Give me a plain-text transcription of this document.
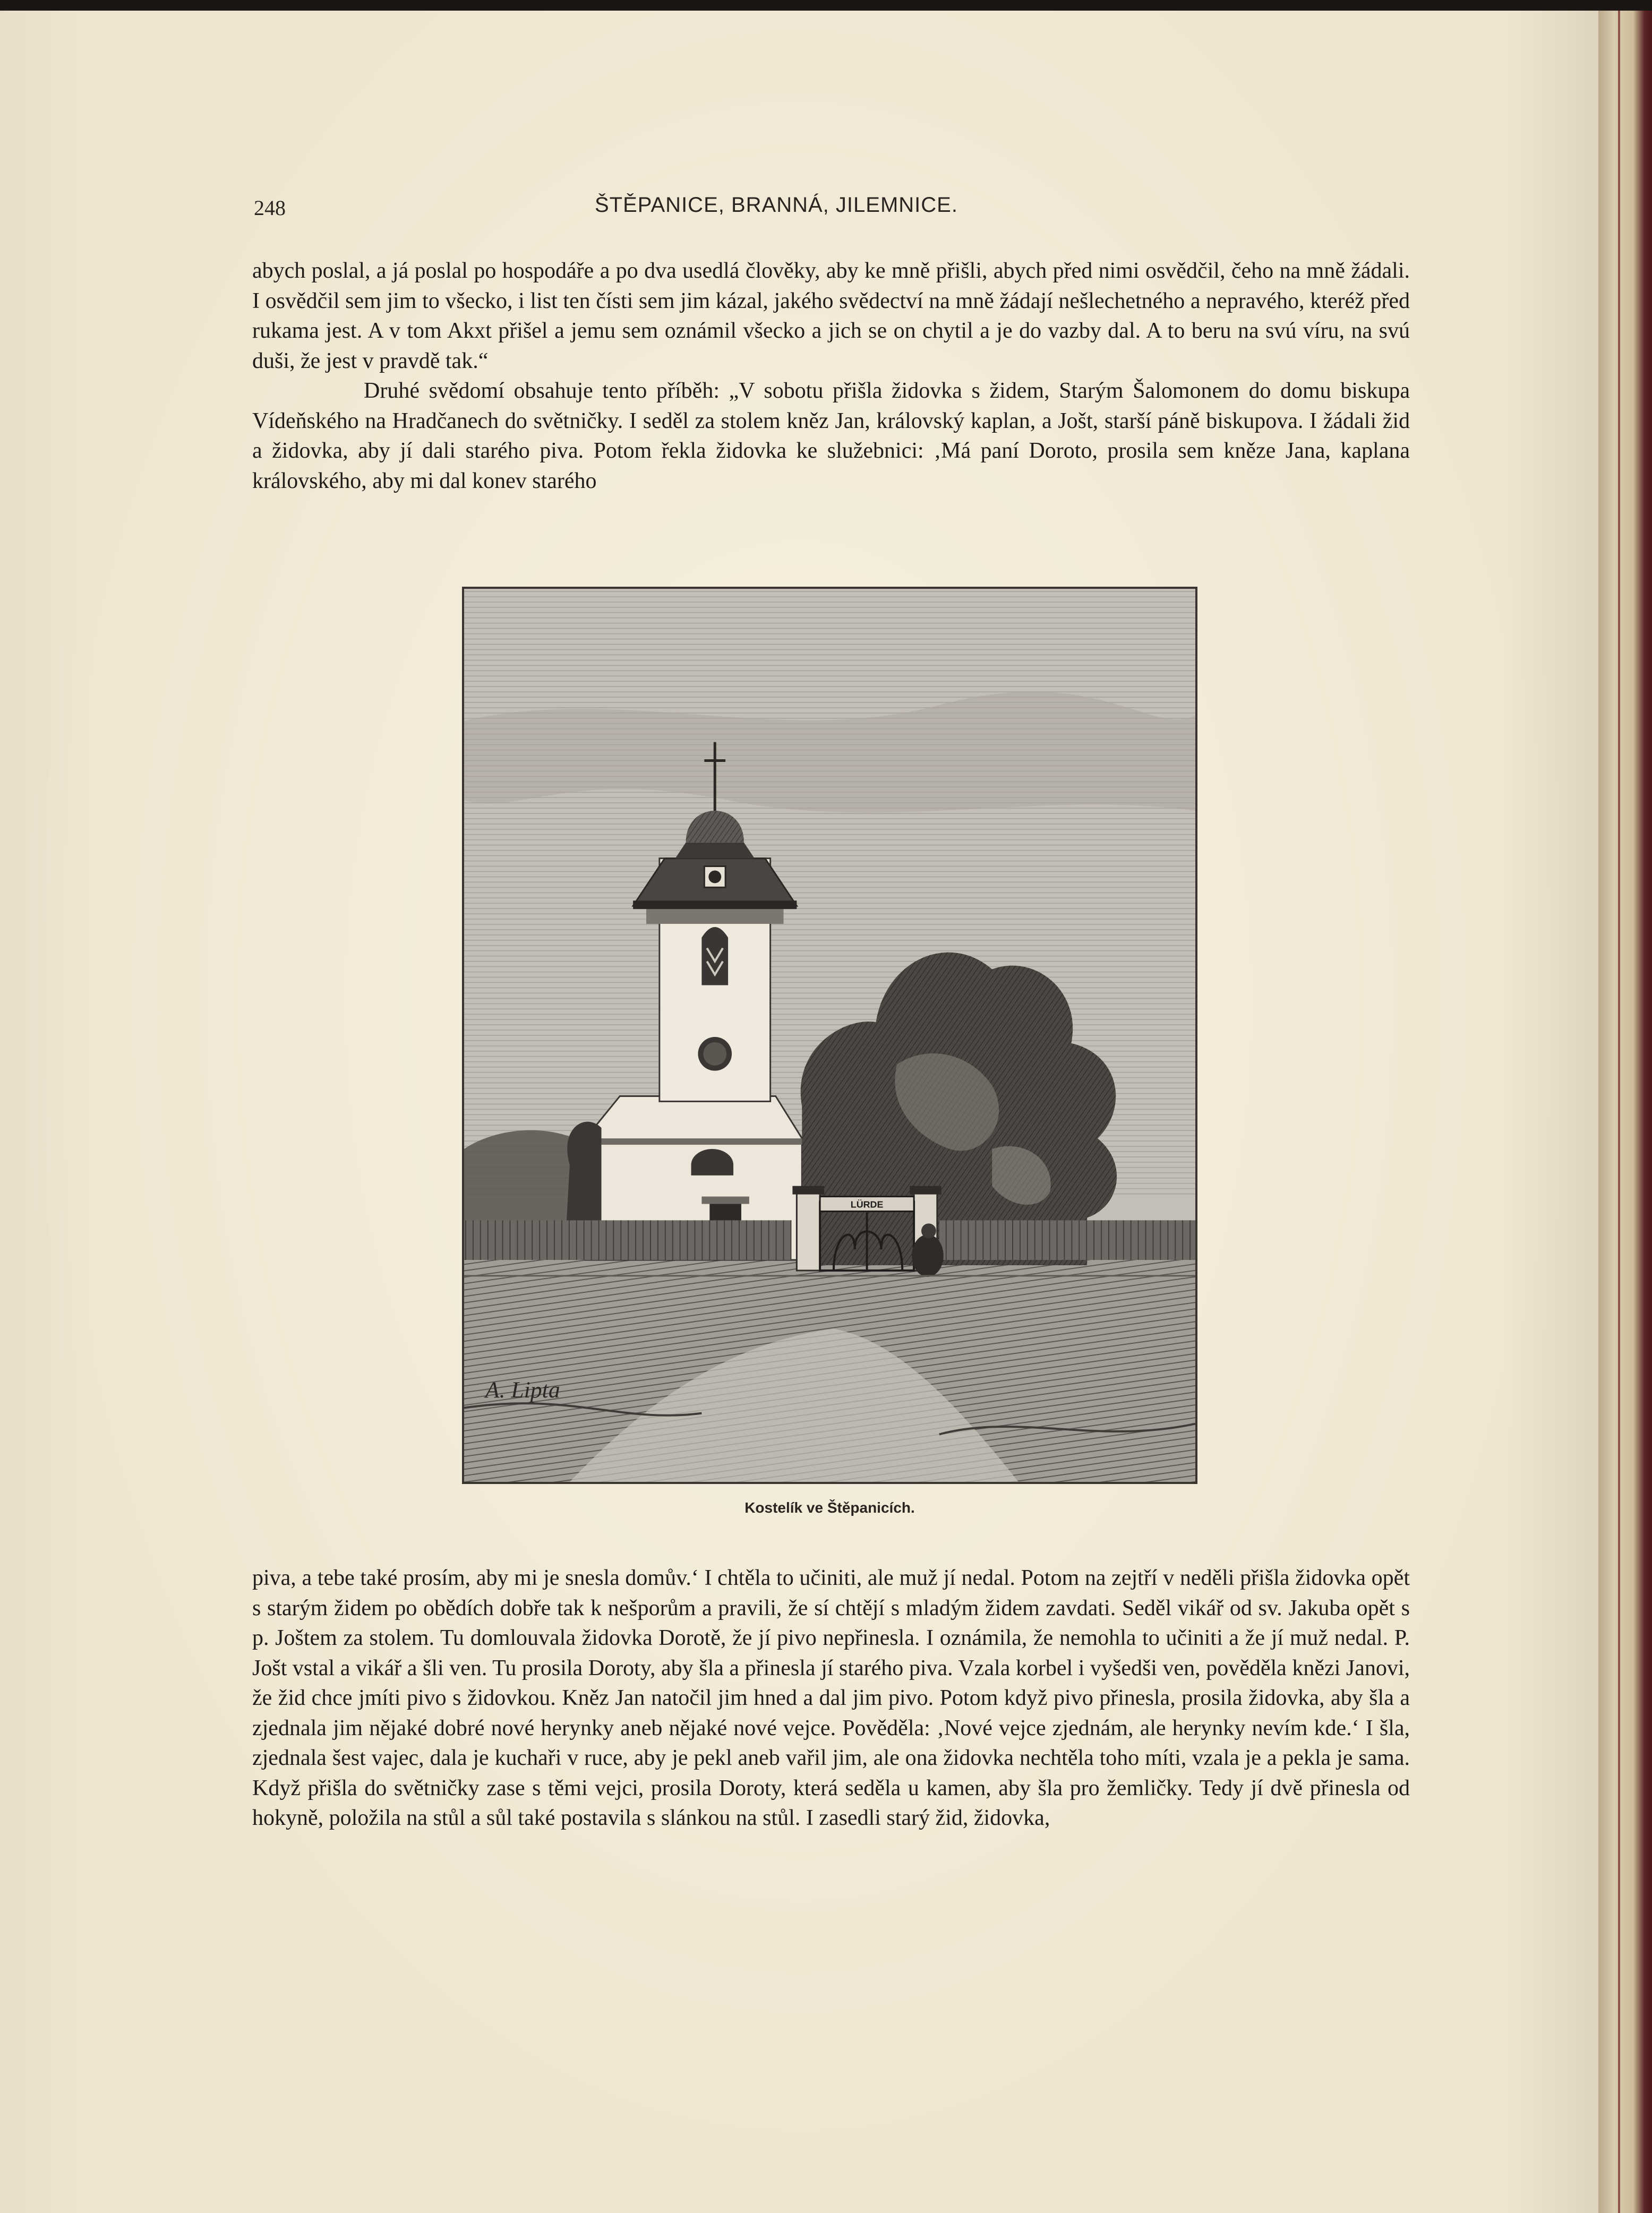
248	ŠTĚPANICE, BRANNÁ, JILEMNICE.

abych poslal, a já poslal po hospodáře a po dva usedlá člověky, aby ke mně přišli, abych před nimi osvědčil, čeho na mně žádali. I osvědčil sem jim to všecko, i list ten čísti sem jim kázal, jakého svědectví na mně žádají nešlechetného a nepravého, kteréž před rukama jest. A v tom Akxt přišel a jemu sem oznámil všecko a jich se on chytil a je do vazby dal. A to beru na svú víru, na svú duši, že jest v pravdě tak.“

Druhé svědomí obsahuje tento příběh: „V sobotu přišla židovka s židem, Starým Šalomonem do domu biskupa Vídeňského na Hradčanech do světničky. I seděl za stolem kněz Jan, královský kaplan, a Jošt, starší páně biskupova. I žádali žid a židovka, aby jí dali starého piva. Potom řekla židovka ke služebnici: ‚Má paní Doroto, prosila sem kněze Jana, kaplana královského, aby mi dal konev starého

LÜRDE
A. Lipta
Kostelík ve Štěpanicích.

piva, a tebe také prosím, aby mi je snesla domův.‘ I chtěla to učiniti, ale muž jí nedal. Potom na zejtří v neděli přišla židovka opět s starým židem po obědích dobře tak k nešporům a pravili, že sí chtějí s mladým židem zavdati. Seděl vikář od sv. Jakuba opět s p. Joštem za stolem. Tu domlouvala židovka Dorotě, že jí pivo nepřinesla. I oznámila, že nemohla to učiniti a že jí muž nedal. P. Jošt vstal a vikář a šli ven. Tu prosila Doroty, aby šla a přinesla jí starého piva. Vzala korbel i vyšedši ven, pověděla knězi Janovi, že žid chce jmíti pivo s židovkou. Kněz Jan natočil jim hned a dal jim pivo. Potom když pivo přinesla, prosila židovka, aby šla a zjednala jim nějaké dobré nové herynky aneb nějaké nové vejce. Pověděla: ‚Nové vejce zjednám, ale herynky nevím kde.‘ I šla, zjednala šest vajec, dala je kuchaři v ruce, aby je pekl aneb vařil jim, ale ona židovka nechtěla toho míti, vzala je a pekla je sama. Když přišla do světničky zase s těmi vejci, prosila Doroty, která seděla u kamen, aby šla pro žemličky. Tedy jí dvě přinesla od hokyně, položila na stůl a sůl také postavila s slánkou na stůl. I zasedli starý žid, židovka,
